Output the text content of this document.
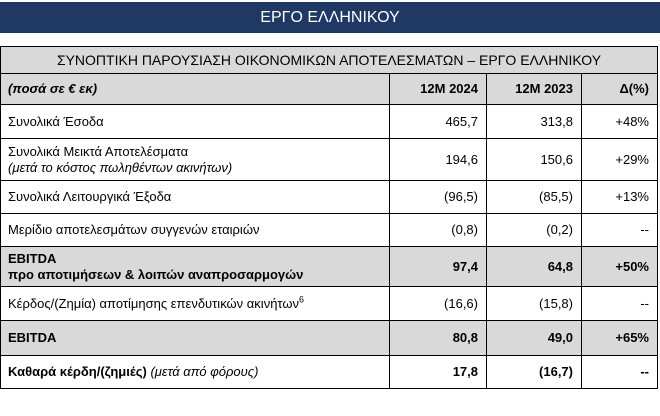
ΕΡΓΟ ΕΛΛΗΝΙΚΟΥ
ΣΥΝΟΠΤΙΚΗ ΠΑΡΟΥΣΙΑΣΗ ΟΙΚΟΝΟΜΙΚΩΝ ΑΠΟΤΕΛΕΣΜΑΤΩΝ – ΕΡΓΟ ΕΛΛΗΝΙΚΟΥ			
(ποσά σε € εκ)	12M 2024	12M 2023	Δ(%)
Συνολικά Έσοδα	465,7	313,8	+48%

Συνολικά Μεικτά Αποτελέσματα
(μετά το κόστος πωληθέντων ακινήτων)	194,6	150,6	+29%
Συνολικά Λειτουργικά Έξοδα	(96,5)	(85,5)	+13%
Μερίδιο αποτελεσμάτων συγγενών εταιριών	(0,8)	(0,2)	--

EBITDA
προ αποτιμήσεων & λοιπών αναπροσαρμογών	97,4	64,8	+50%
Κέρδος/(Ζημία) αποτίμησης επενδυτικών ακινήτων$^6$	(16,6)	(15,8)	--
EBITDA	80,8	49,0	+65%
Καθαρά κέρδη/(ζημιές) (μετά από φόρους)	17,8	(16,7)	--
